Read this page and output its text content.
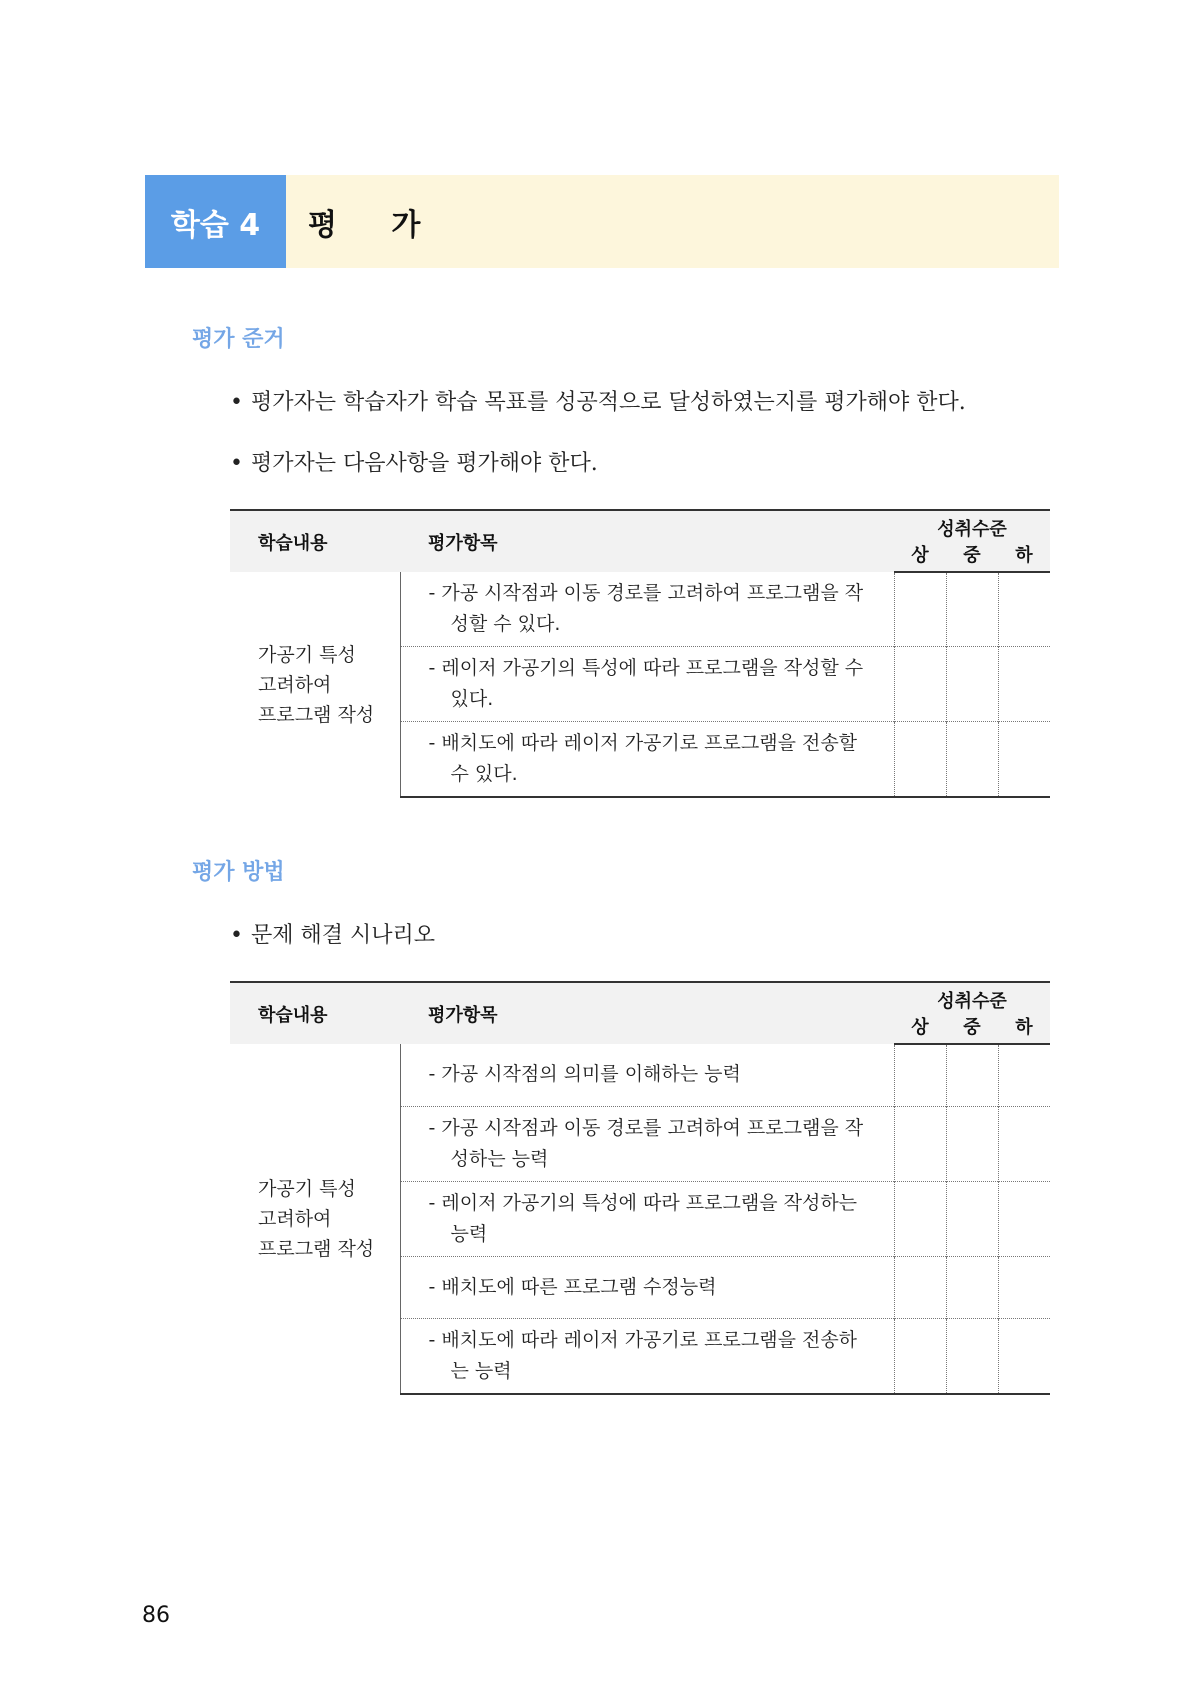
학습 4	평 가
평가 준거
• 평가자는 학습자가 학습 목표를 성공적으로 달성하였는지를 평가해야 한다.
• 평가자는 다음사항을 평가해야 한다.
학습내용	평가항목	성취수준		
		상	중	하
가공기 특성
고려하여
프로그램 작성	- 가공 시작점과 이동 경로를 고려하여 프로그램을 작성할 수 있다.			

	- 레이저 가공기의 특성에 따라 프로그램을 작성할 수 있다.			

	- 배치도에 따라 레이저 가공기로 프로그램을 전송할 수 있다.			

평가 방법
• 문제 해결 시나리오
학습내용	평가항목	성취수준		
		상	중	하
가공기 특성
고려하여
프로그램 작성	- 가공 시작점의 의미를 이해하는 능력			

	- 가공 시작점과 이동 경로를 고려하여 프로그램을 작성하는 능력			

	- 레이저 가공기의 특성에 따라 프로그램을 작성하는 능력			

	- 배치도에 따른 프로그램 수정능력			

	- 배치도에 따라 레이저 가공기로 프로그램을 전송하는 능력			

86
